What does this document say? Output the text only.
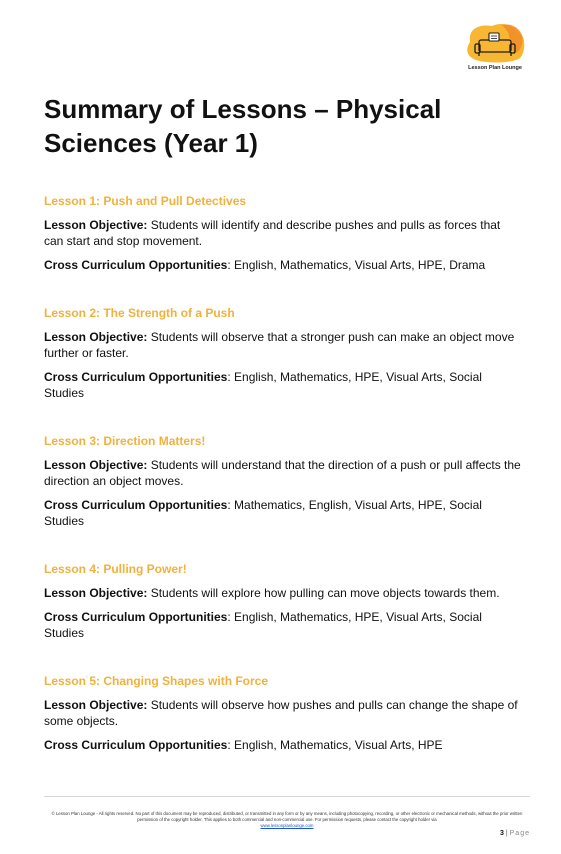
Lesson Plan Lounge
Summary of Lessons – Physical Sciences (Year 1)

Lesson 1: Push and Pull Detectives

Lesson Objective: Students will identify and describe pushes and pulls as forces that can start and stop movement.

Cross Curriculum Opportunities: English, Mathematics, Visual Arts, HPE, Drama

Lesson 2: The Strength of a Push

Lesson Objective: Students will observe that a stronger push can make an object move further or faster.

Cross Curriculum Opportunities: English, Mathematics, HPE, Visual Arts, Social Studies

Lesson 3: Direction Matters!

Lesson Objective: Students will understand that the direction of a push or pull affects the direction an object moves.

Cross Curriculum Opportunities: Mathematics, English, Visual Arts, HPE, Social Studies

Lesson 4: Pulling Power!

Lesson Objective: Students will explore how pulling can move objects towards them.

Cross Curriculum Opportunities: English, Mathematics, HPE, Visual Arts, Social Studies

Lesson 5: Changing Shapes with Force

Lesson Objective: Students will observe how pushes and pulls can change the shape of some objects.

Cross Curriculum Opportunities: English, Mathematics, Visual Arts, HPE

© Lesson Plan Lounge - All rights reserved. No part of this document may be reproduced, distributed, or transmitted in any form or by any means, including photocopying, recording, or other electronic or mechanical methods, without the prior written permission of the copyright holder. This applies to both commercial and non-commercial use. For permission requests, please contact the copyright holder via
www.lessonplanlounge.com
3 | Page
